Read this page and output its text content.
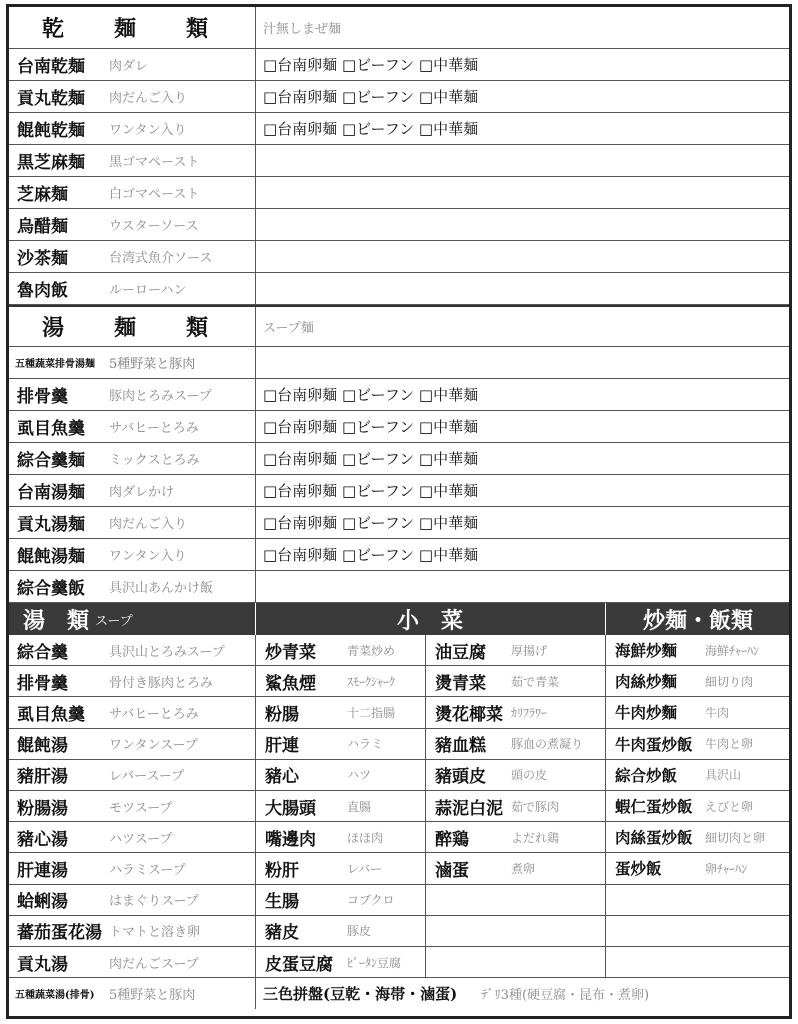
乾　麺　類	汁無しまぜ麺
台南乾麺 肉ダレ	□台南卵麺 □ビーフン □中華麺
貢丸乾麺 肉だんご入り	□台南卵麺 □ビーフン □中華麺
餛飩乾麺 ワンタン入り	□台南卵麺 □ビーフン □中華麺
黒芝麻麺 黒ゴマペースト
芝麻麺	白ゴマペースト
烏醋麺	ウスターソース
沙茶麺	台湾式魚介ソース
魯肉飯	ルーローハン
湯　麺　類	スープ麺
五種蔬菜排骨湯麺 5種野菜と豚肉
排骨羹	豚肉とろみスープ	□台南卵麺 □ビーフン □中華麺
虱目魚羹 サバヒーとろみ	□台南卵麺 □ビーフン □中華麺
綜合羹麺 ミックスとろみ	□台南卵麺 □ビーフン □中華麺
台南湯麺 肉ダレかけ	□台南卵麺 □ビーフン □中華麺
貢丸湯麺 肉だんご入り	□台南卵麺 □ビーフン □中華麺
餛飩湯麺 ワンタン入り	□台南卵麺 □ビーフン □中華麺
綜合羹飯 具沢山あんかけ飯
湯　類 スープ	小　菜	炒麺・飯類
綜合羹	具沢山とろみスープ	炒青菜	青菜炒め	油豆腐 厚揚げ	海鮮炒麵 海鮮ﾁｬｰﾊﾝ
排骨羹	骨付き豚肉とろみ	鯊魚煙	ｽﾓｰｸｼｬｰｸ	燙青菜 茹で青菜	肉絲炒麵 細切り肉
虱目魚羹 サバヒーとろみ	粉腸	十二指腸	燙花椰菜 ｶﾘﾌﾗﾜｰ	牛肉炒麵 牛肉
餛飩湯	ワンタンスープ	肝連	ハラミ	豬血糕 豚血の煮凝り	牛肉蛋炒飯 牛肉と卵
豬肝湯	レバースープ	豬心	ハツ	豬頭皮 頭の皮	綜合炒飯 具沢山
粉腸湯	モツスープ	大腸頭	直腸	蒜泥白泥 茹で豚肉	蝦仁蛋炒飯 えびと卵
豬心湯	ハツスープ	嘴邊肉	ほほ肉	醉鶏	よだれ鶏	肉絲蛋炒飯 細切肉と卵
肝連湯	ハラミスープ	粉肝	レバー	滷蛋	煮卵	蛋炒飯	卵ﾁｬｰﾊﾝ
蛤蜊湯	はまぐりスープ	生腸	コブクロ
蕃茄蛋花湯 トマトと溶き卵	豬皮	豚皮
貢丸湯	肉だんごスープ	皮蛋豆腐 ﾋﾟｰﾀﾝ豆腐
五種蔬菜湯(排骨) 5種野菜と豚肉	三色拼盤(豆乾・海帯・滷蛋)	ﾃﾞﾘ3種(硬豆腐・昆布・煮卵)
